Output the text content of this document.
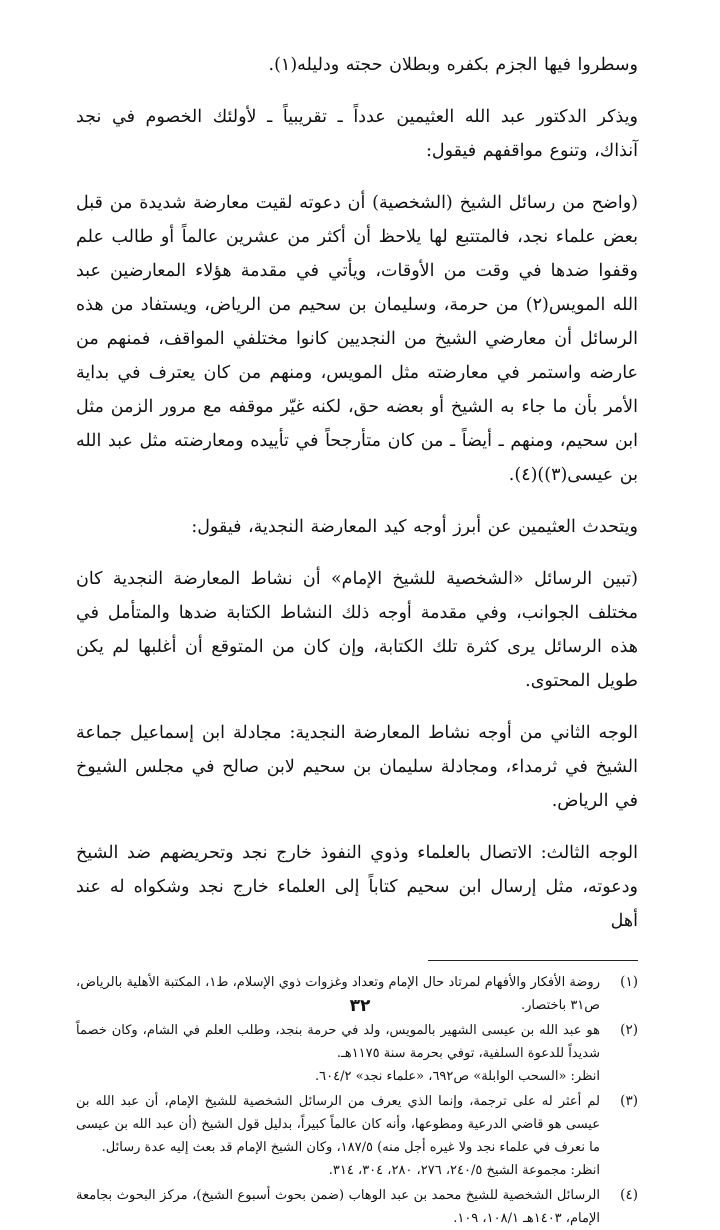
وسطروا فيها الجزم بكفره وبطلان حجته ودليله(١).

ويذكر الدكتور عبد الله العثيمين عدداً ـ تقريبياً ـ لأولئك الخصوم في نجد آنذاك، وتنوع مواقفهم فيقول:

(واضح من رسائل الشيخ (الشخصية) أن دعوته لقيت معارضة شديدة من قبل بعض علماء نجد، فالمتتبع لها يلاحظ أن أكثر من عشرين عالماً أو طالب علم وقفوا ضدها في وقت من الأوقات، ويأتي في مقدمة هؤلاء المعارضين عبد الله المويس(٢) من حرمة، وسليمان بن سحيم من الرياض، ويستفاد من هذه الرسائل أن معارضي الشيخ من النجديين كانوا مختلفي المواقف، فمنهم من عارضه واستمر في معارضته مثل المويس، ومنهم من كان يعترف في بداية الأمر بأن ما جاء به الشيخ أو بعضه حق، لكنه غيّر موقفه مع مرور الزمن مثل ابن سحيم، ومنهم ـ أيضاً ـ من كان متأرجحاً في تأييده ومعارضته مثل عبد الله بن عيسى(٣))(٤).

ويتحدث العثيمين عن أبرز أوجه كيد المعارضة النجدية، فيقول:

(تبين الرسائل «الشخصية للشيخ الإمام» أن نشاط المعارضة النجدية كان مختلف الجوانب، وفي مقدمة أوجه ذلك النشاط الكتابة ضدها والمتأمل في هذه الرسائل يرى كثرة تلك الكتابة، وإن كان من المتوقع أن أغلبها لم يكن طويل المحتوى.

الوجه الثاني من أوجه نشاط المعارضة النجدية: مجادلة ابن إسماعيل جماعة الشيخ في ثرمداء، ومجادلة سليمان بن سحيم لابن صالح في مجلس الشيوخ في الرياض.

الوجه الثالث: الاتصال بالعلماء وذوي النفوذ خارج نجد وتحريضهم ضد الشيخ ودعوته، مثل إرسال ابن سحيم كتاباً إلى العلماء خارج نجد وشكواه له عند أهل

(١)
روضة الأفكار والأفهام لمرتاد حال الإمام وتعداد وغزوات ذوي الإسلام، ط١، المكتبة الأهلية بالرياض، ص٣١ باختصار.
(٢)
هو عبد الله بن عيسى الشهير بالمويس، ولد في حرمة بنجد، وطلب العلم في الشام، وكان خصماً شديداً للدعوة السلفية، توفي بحرمة سنة ١١٧٥هـ.
انظر: «السحب الوابلة» ص٦٩٢، «علماء نجد» ٦٠٤/٢.
(٣)
لم أعثر له على ترجمة، وإنما الذي يعرف من الرسائل الشخصية للشيخ الإمام، أن عبد الله بن عيسى هو قاضي الدرعية ومطوعها، وأنه كان عالماً كبيراً، بدليل قول الشيخ (أن عبد الله بن عيسى ما نعرف في علماء نجد ولا غيره أجل منه) ١٨٧/٥، وكان الشيخ الإمام قد بعث إليه عدة رسائل.
انظر: مجموعة الشيخ ٢٤٠/٥، ٢٧٦، ٢٨٠، ٣٠٤، ٣١٤.
(٤)
الرسائل الشخصية للشيخ محمد بن عبد الوهاب (ضمن بحوث أسبوع الشيخ)، مركز البحوث بجامعة الإمام، ١٤٠٣هـ ١٠٨/١، ١٠٩.
٣٢
